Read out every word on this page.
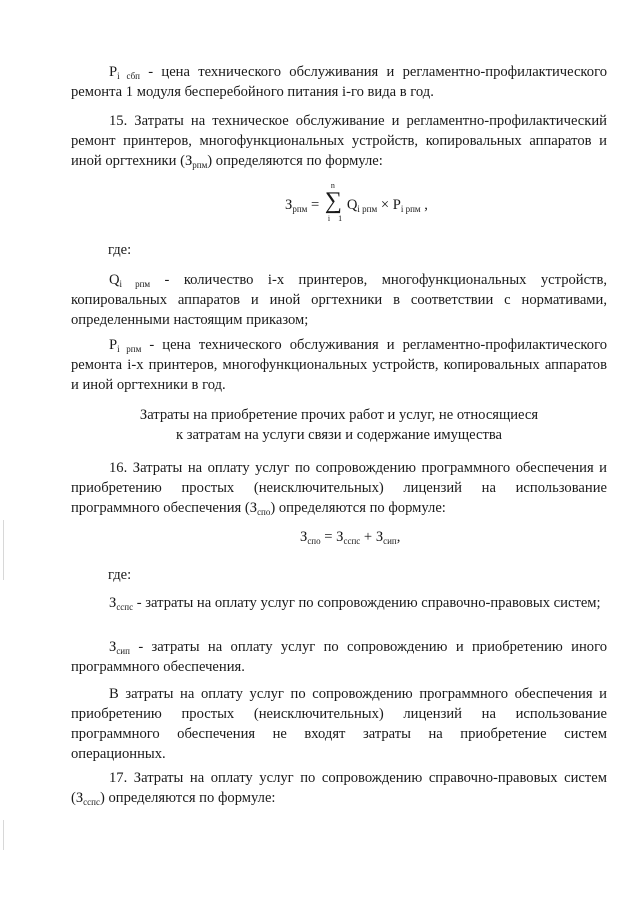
$P_{i сбп}$ - цена технического обслуживания и регламентно-профилактического ремонта 1 модуля бесперебойного питания i-го вида в год.
15. Затраты на техническое обслуживание и регламентно-профилактический ремонт принтеров, многофункциональных устройств, копировальных аппаратов и иной оргтехники $(З_{рпм})$ определяются по формуле:
$З_{рпм}$ =
n
∑
i 1
$Q_{i рпм} \times P_{i рпм}$ ,
где:
$Q_{i рпм}$ - количество i-х принтеров, многофункциональных устройств, копировальных аппаратов и иной оргтехники в соответствии с нормативами, определенными настоящим приказом;
$P_{i рпм}$ - цена технического обслуживания и регламентно-профилактического ремонта i-х принтеров, многофункциональных устройств, копировальных аппаратов и иной оргтехники в год.
Затраты на приобретение прочих работ и услуг, не относящиеся
к затратам на услуги связи и содержание имущества
16. Затраты на оплату услуг по сопровождению программного обеспечения и приобретению простых (неисключительных) лицензий на использование программного обеспечения $(З_{спо})$ определяются по формуле:
$З_{спо} = З_{сспс} + З_{сип}$,
где:
$З_{сспс}$ - затраты на оплату услуг по сопровождению справочно-правовых систем;
$З_{сип}$ - затраты на оплату услуг по сопровождению и приобретению иного программного обеспечения.
В затраты на оплату услуг по сопровождению программного обеспечения и приобретению простых (неисключительных) лицензий на использование программного обеспечения не входят затраты на приобретение систем операционных.
17. Затраты на оплату услуг по сопровождению справочно-правовых систем $(З_{сспс})$ определяются по формуле:
